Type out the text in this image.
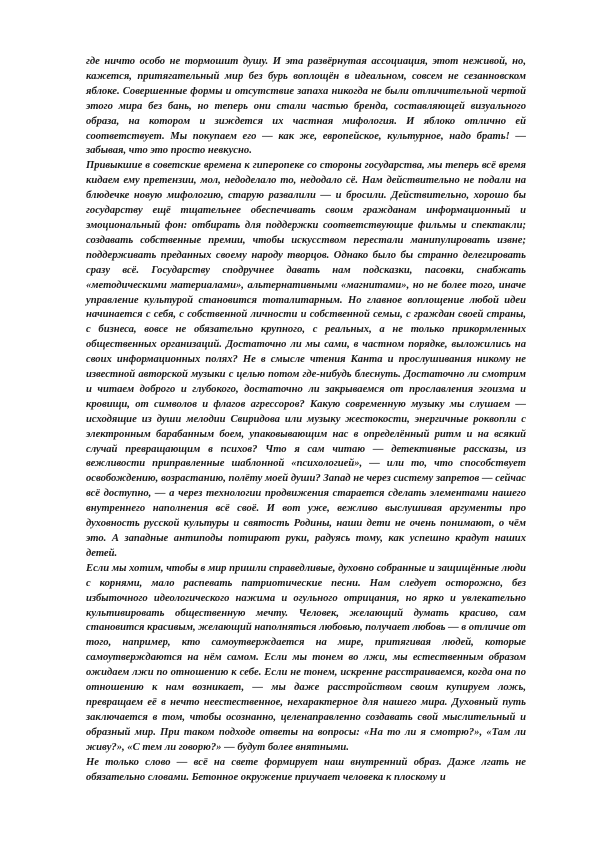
где ничто особо не тормошит душу. И эта развёрнутая ассоциация, этот неживой, но, кажется, притягательный мир без бурь воплощён в идеальном, совсем не сезанновском яблоке. Совершенные формы и отсутствие запаха никогда не были отличительной чертой этого мира без бань, но теперь они стали частью бренда, составляющей визуального образа, на котором и зиждется их частная мифология. И яблоко отлично ей соответствует. Мы покупаем его — как же, европейское, культурное, надо брать! — забывая, что это просто невкусно.

Привыкшие в советские времена к гиперопеке со стороны государства, мы теперь всё время кидаем ему претензии, мол, недоделало то, недодало сё. Нам действительно не подали на блюдечке новую мифологию, старую развалили — и бросили. Действительно, хорошо бы государству ещё тщательнее обеспечивать своим гражданам информационный и эмоциональный фон: отбирать для поддержки соответствующие фильмы и спектакли; создавать собственные премии, чтобы искусством перестали манипулировать извне; поддерживать преданных своему народу творцов. Однако было бы странно делегировать сразу всё. Государству сподручнее давать нам подсказки, пасовки, снабжать «методическими материалами», альтернативными «магнитами», но не более того, иначе управление культурой становится тоталитарным. Но главное воплощение любой идеи начинается с себя, с собственной личности и собственной семьи, с граждан своей страны, с бизнеса, вовсе не обязательно крупного, с реальных, а не только прикормленных общественных организаций. Достаточно ли мы сами, в частном порядке, выложились на своих информационных полях? Не в смысле чтения Канта и прослушивания никому не известной авторской музыки с целью потом где-нибудь блеснуть. Достаточно ли смотрим и читаем доброго и глубокого, достаточно ли закрываемся от прославления эгоизма и кровищи, от символов и флагов агрессоров? Какую современную музыку мы слушаем — исходящие из души мелодии Свиридова или музыку жестокости, энергичные роквопли с электронным барабанным боем, упаковывающим нас в определённый ритм и на всякий случай превращающим в психов? Что я сам читаю — детективные рассказы, из вежливости приправленные шаблонной «психологией», — или то, что способствует освобождению, возрастанию, полёту моей души? Запад не через систему запретов — сейчас всё доступно, — а через технологии продвижения старается сделать элементами нашего внутреннего наполнения всё своё. И вот уже, вежливо выслушивая аргументы про духовность русской культуры и святость Родины, наши дети не очень понимают, о чём это. А западные антиподы потирают руки, радуясь тому, как успешно крадут наших детей.

Если мы хотим, чтобы в мир пришли справедливые, духовно собранные и защищённые люди с корнями, мало распевать патриотические песни. Нам следует осторожно, без избыточного идеологического нажима и огульного отрицания, но ярко и увлекательно культивировать общественную мечту. Человек, желающий думать красиво, сам становится красивым, желающий наполняться любовью, получает любовь — в отличие от того, например, кто самоутверждается на мире, притягивая людей, которые самоутверждаются на нём самом. Если мы тонем во лжи, мы естественным образом ожидаем лжи по отношению к себе. Если не тонем, искренне расстраиваемся, когда она по отношению к нам возникает, — мы даже расстройством своим купируем ложь, превращаем её в нечто неестественное, нехарактерное для нашего мира. Духовный путь заключается в том, чтобы осознанно, целенаправленно создавать свой мыслительный и образный мир. При таком подходе ответы на вопросы: «На то ли я смотрю?», «Там ли живу?», «С тем ли говорю?» — будут более внятными.

Не только слово — всё на свете формирует наш внутренний образ. Даже лгать не обязательно словами. Бетонное окружение приучает человека к плоскому и
